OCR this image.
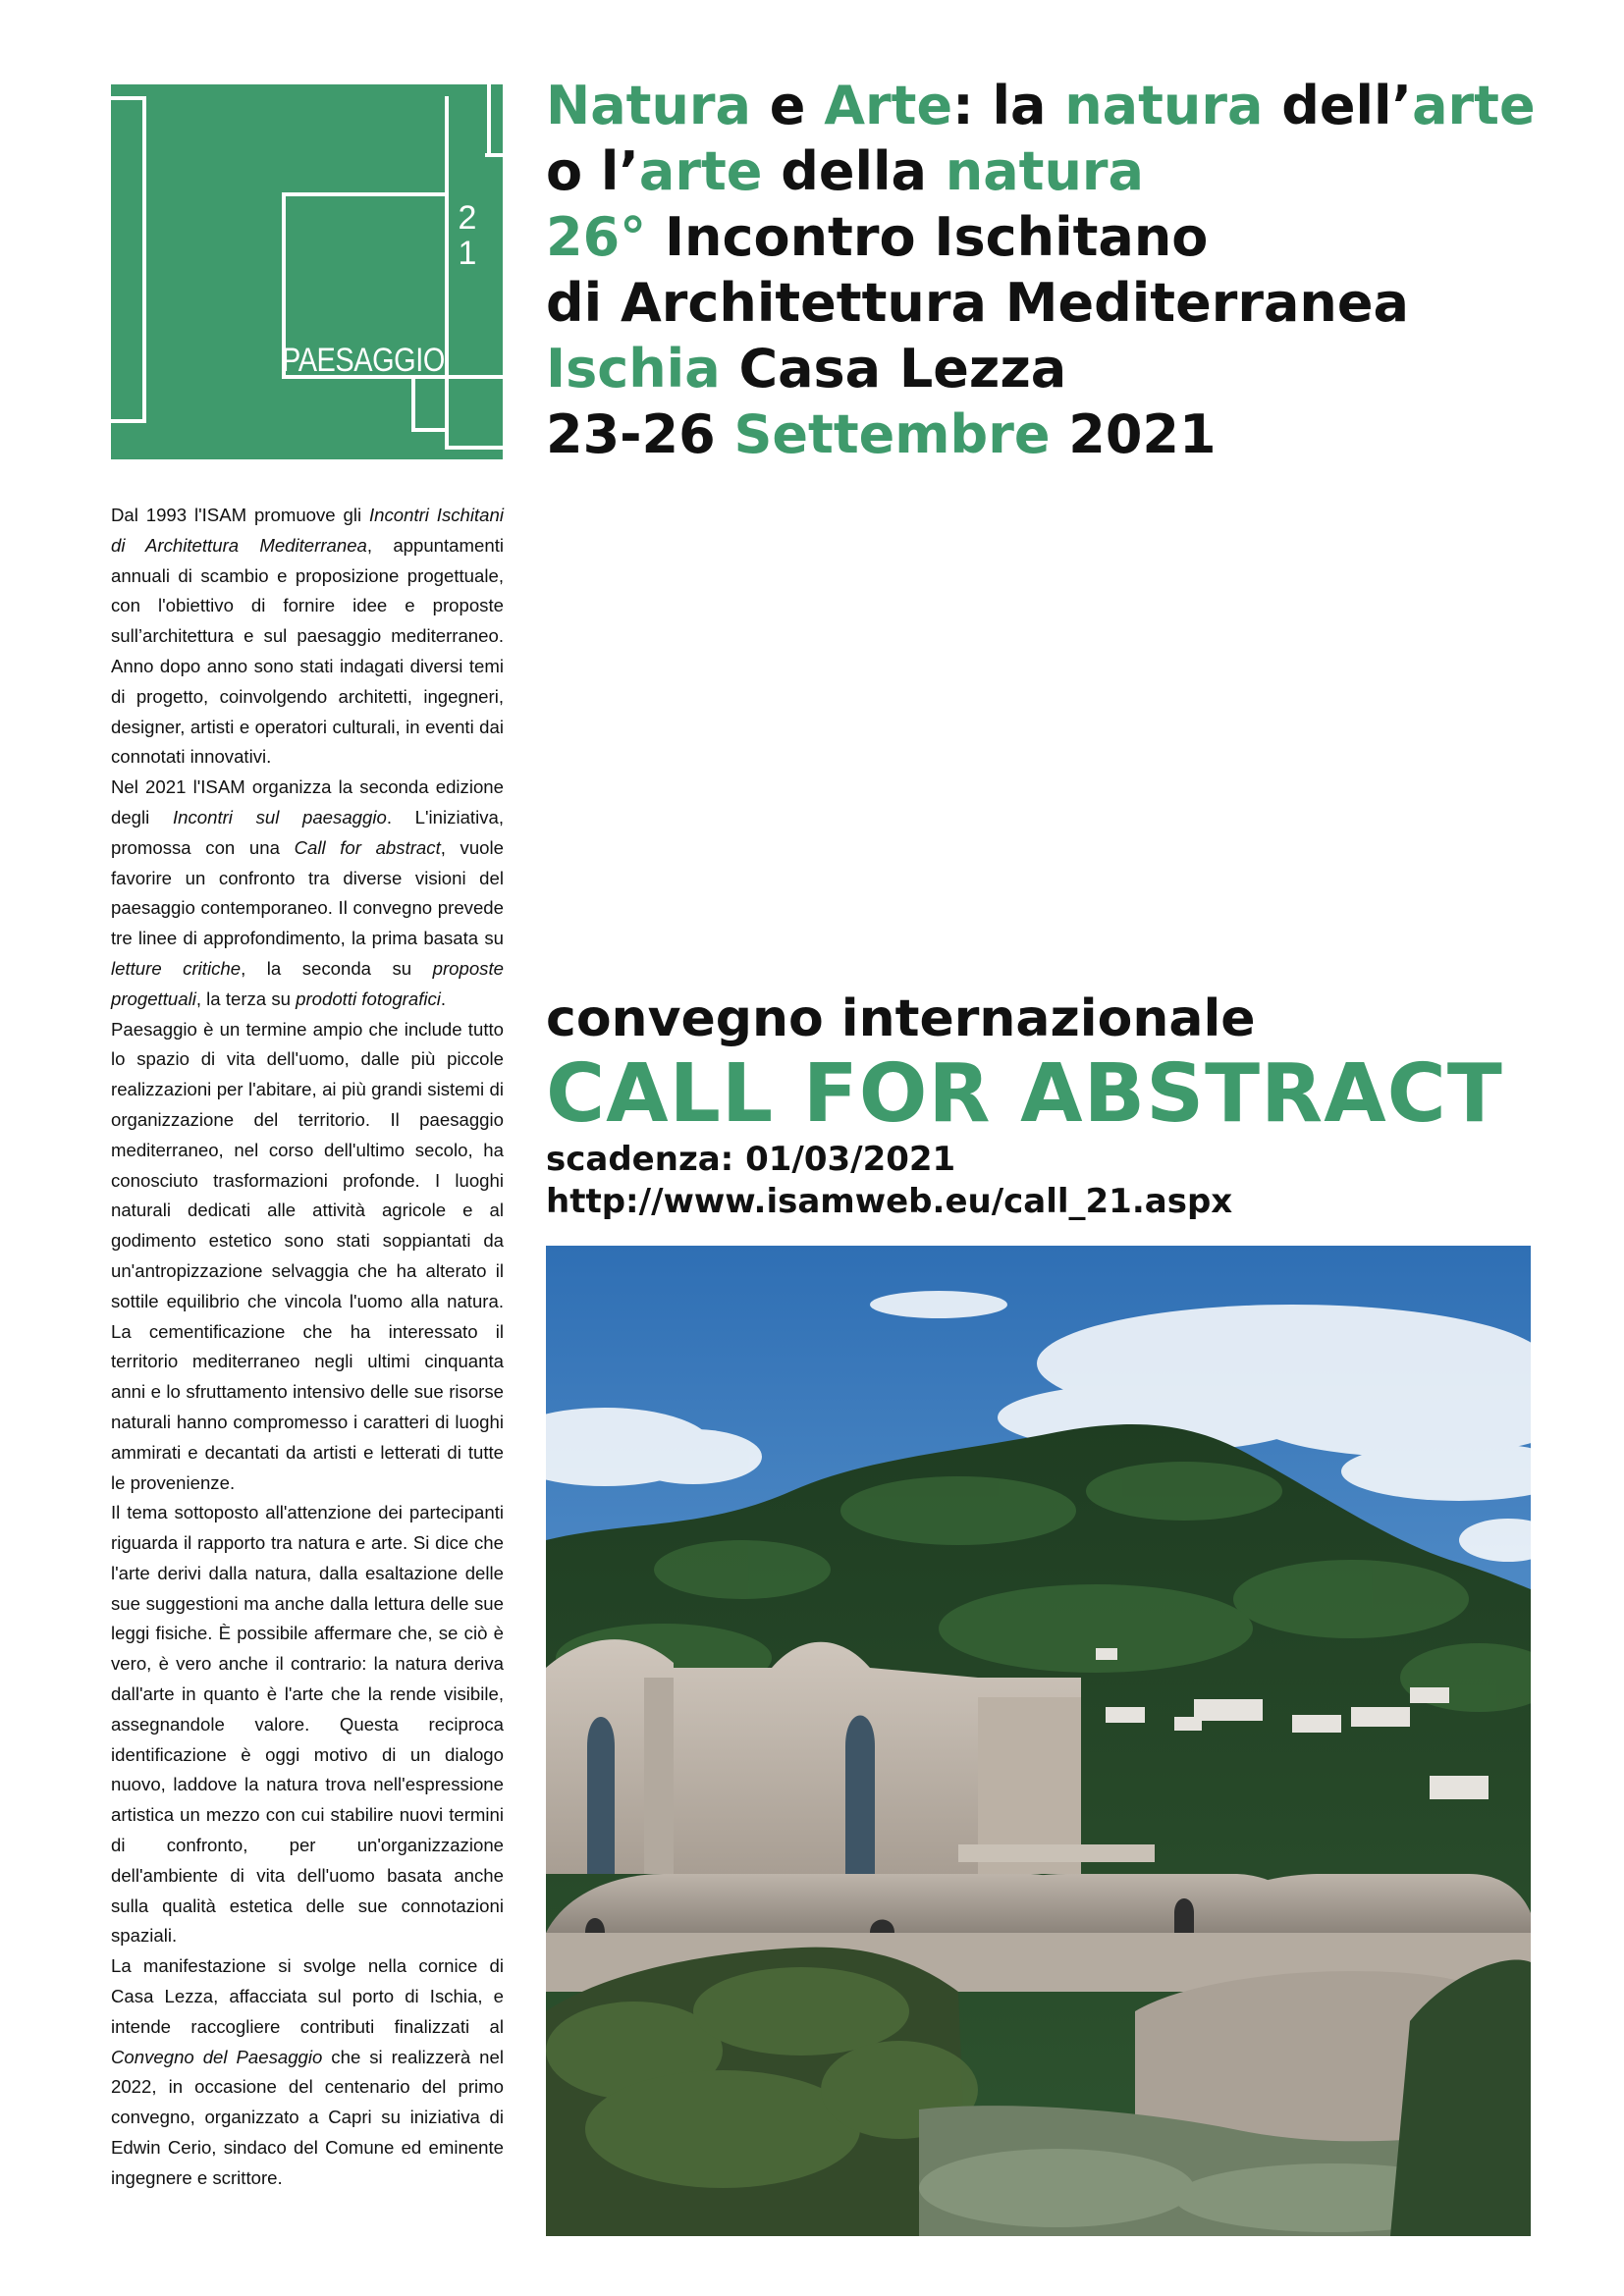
2
1
PAESAGGIO
Natura e Arte: la natura dell’arte
o l’arte della natura
26° Incontro Ischitano
di Architettura Mediterranea
Ischia Casa Lezza
23-26 Settembre 2021

Dal 1993 l'ISAM promuove gli Incontri Ischitani di Architettura Mediterranea, appuntamenti annuali di scambio e proposizione progettuale, con l'obiettivo di fornire idee e proposte sull’architettura e sul paesaggio mediterraneo. Anno dopo anno sono stati indagati diversi temi di progetto, coinvolgendo architetti, ingegneri, designer, artisti e operatori culturali, in eventi dai connotati innovativi.

Nel 2021 l'ISAM organizza la seconda edizione degli Incontri sul paesaggio. L'iniziativa, promossa con una Call for abstract, vuole favorire un confronto tra diverse visioni del paesaggio contemporaneo. Il convegno prevede tre linee di approfondimento, la prima basata su letture critiche, la seconda su proposte progettuali, la terza su prodotti fotografici.

Paesaggio è un termine ampio che include tutto lo spazio di vita dell'uomo, dalle più piccole realizzazioni per l'abitare, ai più grandi sistemi di organizzazione del territorio. Il paesaggio mediterraneo, nel corso dell'ultimo secolo, ha conosciuto trasformazioni profonde. I luoghi naturali dedicati alle attività agricole e al godimento estetico sono stati soppiantati da un'antropizzazione selvaggia che ha alterato il sottile equilibrio che vincola l'uomo alla natura. La cementificazione che ha interessato il territorio mediterraneo negli ultimi cinquanta anni e lo sfruttamento intensivo delle sue risorse naturali hanno compromesso i caratteri di luoghi ammirati e decantati da artisti e letterati di tutte le provenienze.

Il tema sottoposto all'attenzione dei partecipanti riguarda il rapporto tra natura e arte. Si dice che l'arte derivi dalla natura, dalla esaltazione delle sue suggestioni ma anche dalla lettura delle sue leggi fisiche. È possibile affermare che, se ciò è vero, è vero anche il contrario: la natura deriva dall'arte in quanto è l'arte che la rende visibile, assegnandole valore. Questa reciproca identificazione è oggi motivo di un dialogo nuovo, laddove la natura trova nell'espressione artistica un mezzo con cui stabilire nuovi termini di confronto, per un'organizzazione dell'ambiente di vita dell'uomo basata anche sulla qualità estetica delle sue connotazioni spaziali.

La manifestazione si svolge nella cornice di Casa Lezza, affacciata sul porto di Ischia, e intende raccogliere contributi finalizzati al Convegno del Paesaggio che si realizzerà nel 2022, in occasione del centenario del primo convegno, organizzato a Capri su iniziativa di Edwin Cerio, sindaco del Comune ed eminente ingegnere e scrittore.

convegno internazionale
CALL FOR ABSTRACT
scadenza: 01/03/2021
http://www.isamweb.eu/call_21.aspx
